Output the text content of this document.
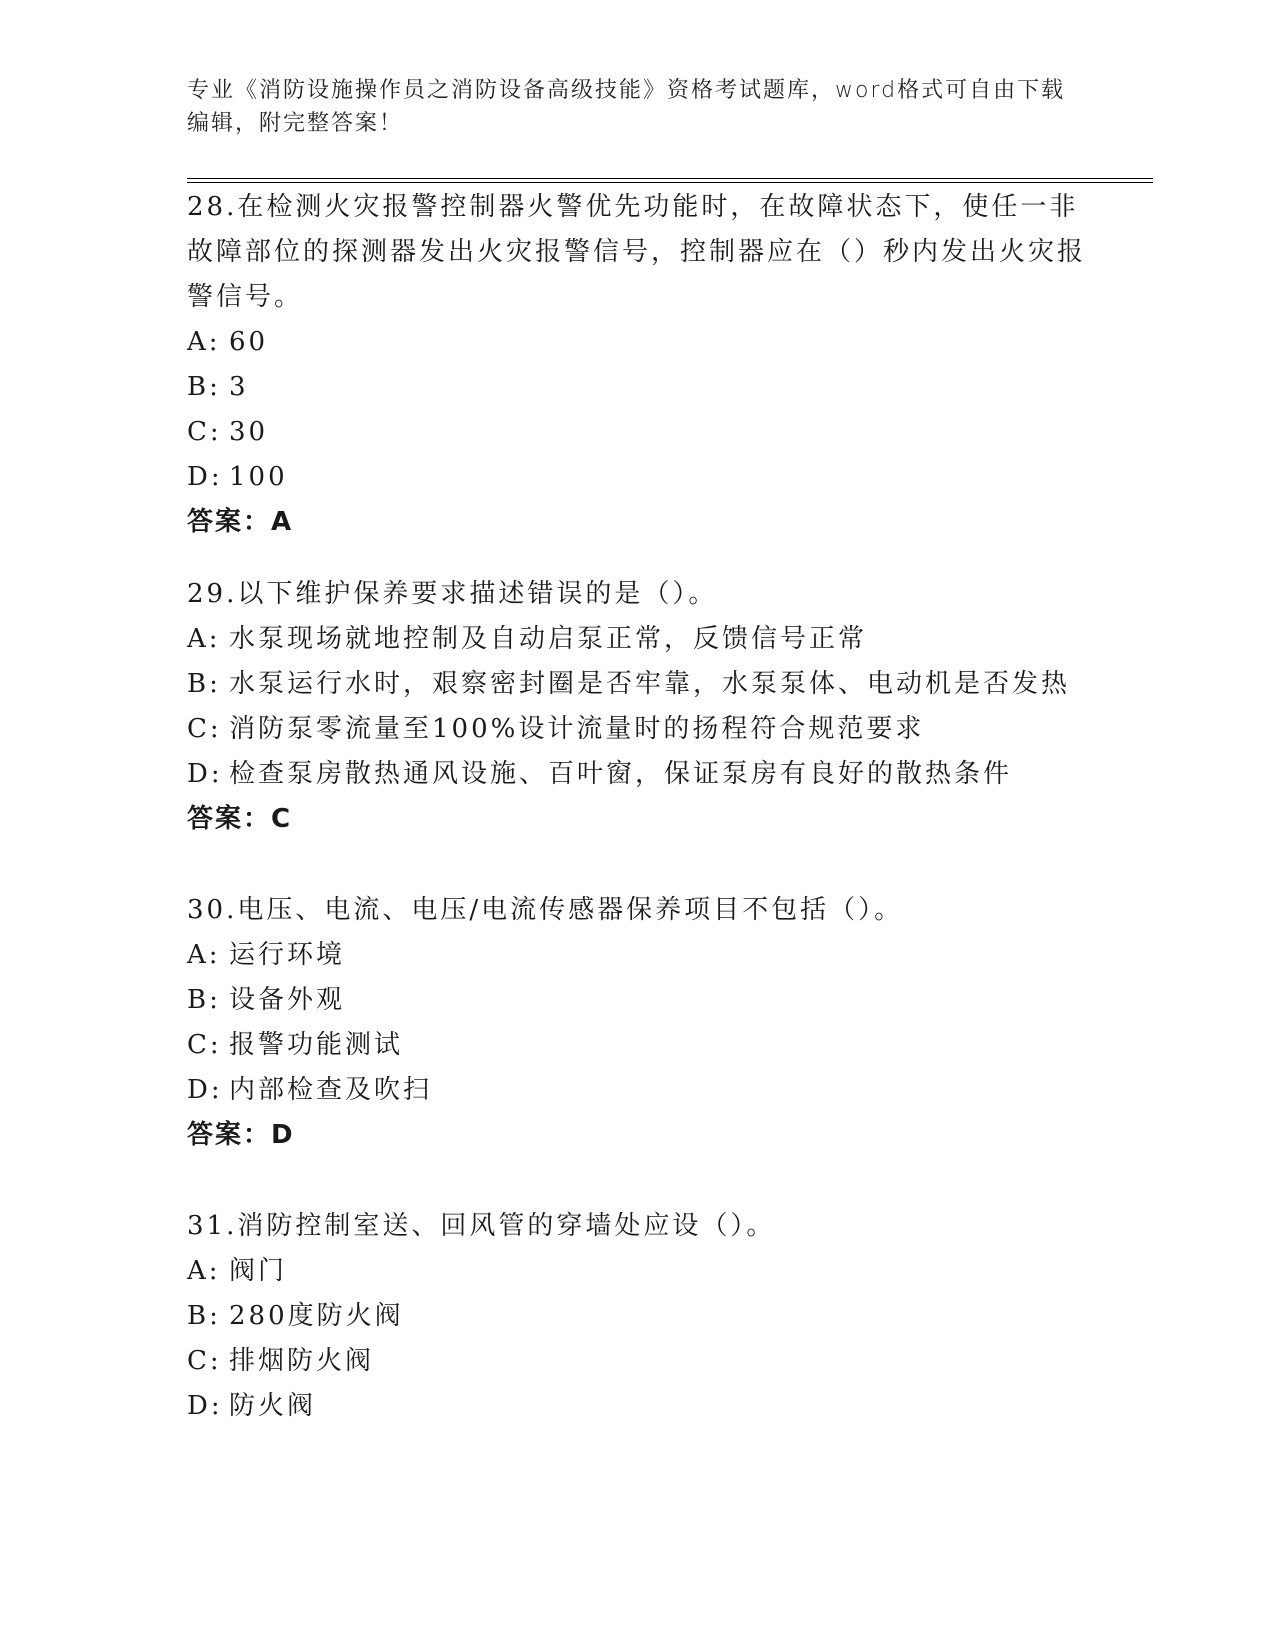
专业《消防设施操作员之消防设备高级技能》资格考试题库，word格式可自由下载编辑，附完整答案！

28.在检测火灾报警控制器火警优先功能时，在故障状态下，使任一非故障部位的探测器发出火灾报警信号，控制器应在（）秒内发出火灾报警信号。

A: 60
B: 3
C: 30
D: 100
答案：A

29.以下维护保养要求描述错误的是（）。

A: 水泵现场就地控制及自动启泵正常，反馈信号正常
B: 水泵运行水时，艰察密封圈是否牢靠，水泵泵体、电动机是否发热
C: 消防泵零流量至100%设计流量时的扬程符合规范要求
D: 检查泵房散热通风设施、百叶窗，保证泵房有良好的散热条件
答案：C

30.电压、电流、电压/电流传感器保养项目不包括（）。

A: 运行环境
B: 设备外观
C: 报警功能测试
D: 内部检查及吹扫
答案：D

31.消防控制室送、回风管的穿墙处应设（）。

A: 阀门
B: 280度防火阀
C: 排烟防火阀
D: 防火阀
